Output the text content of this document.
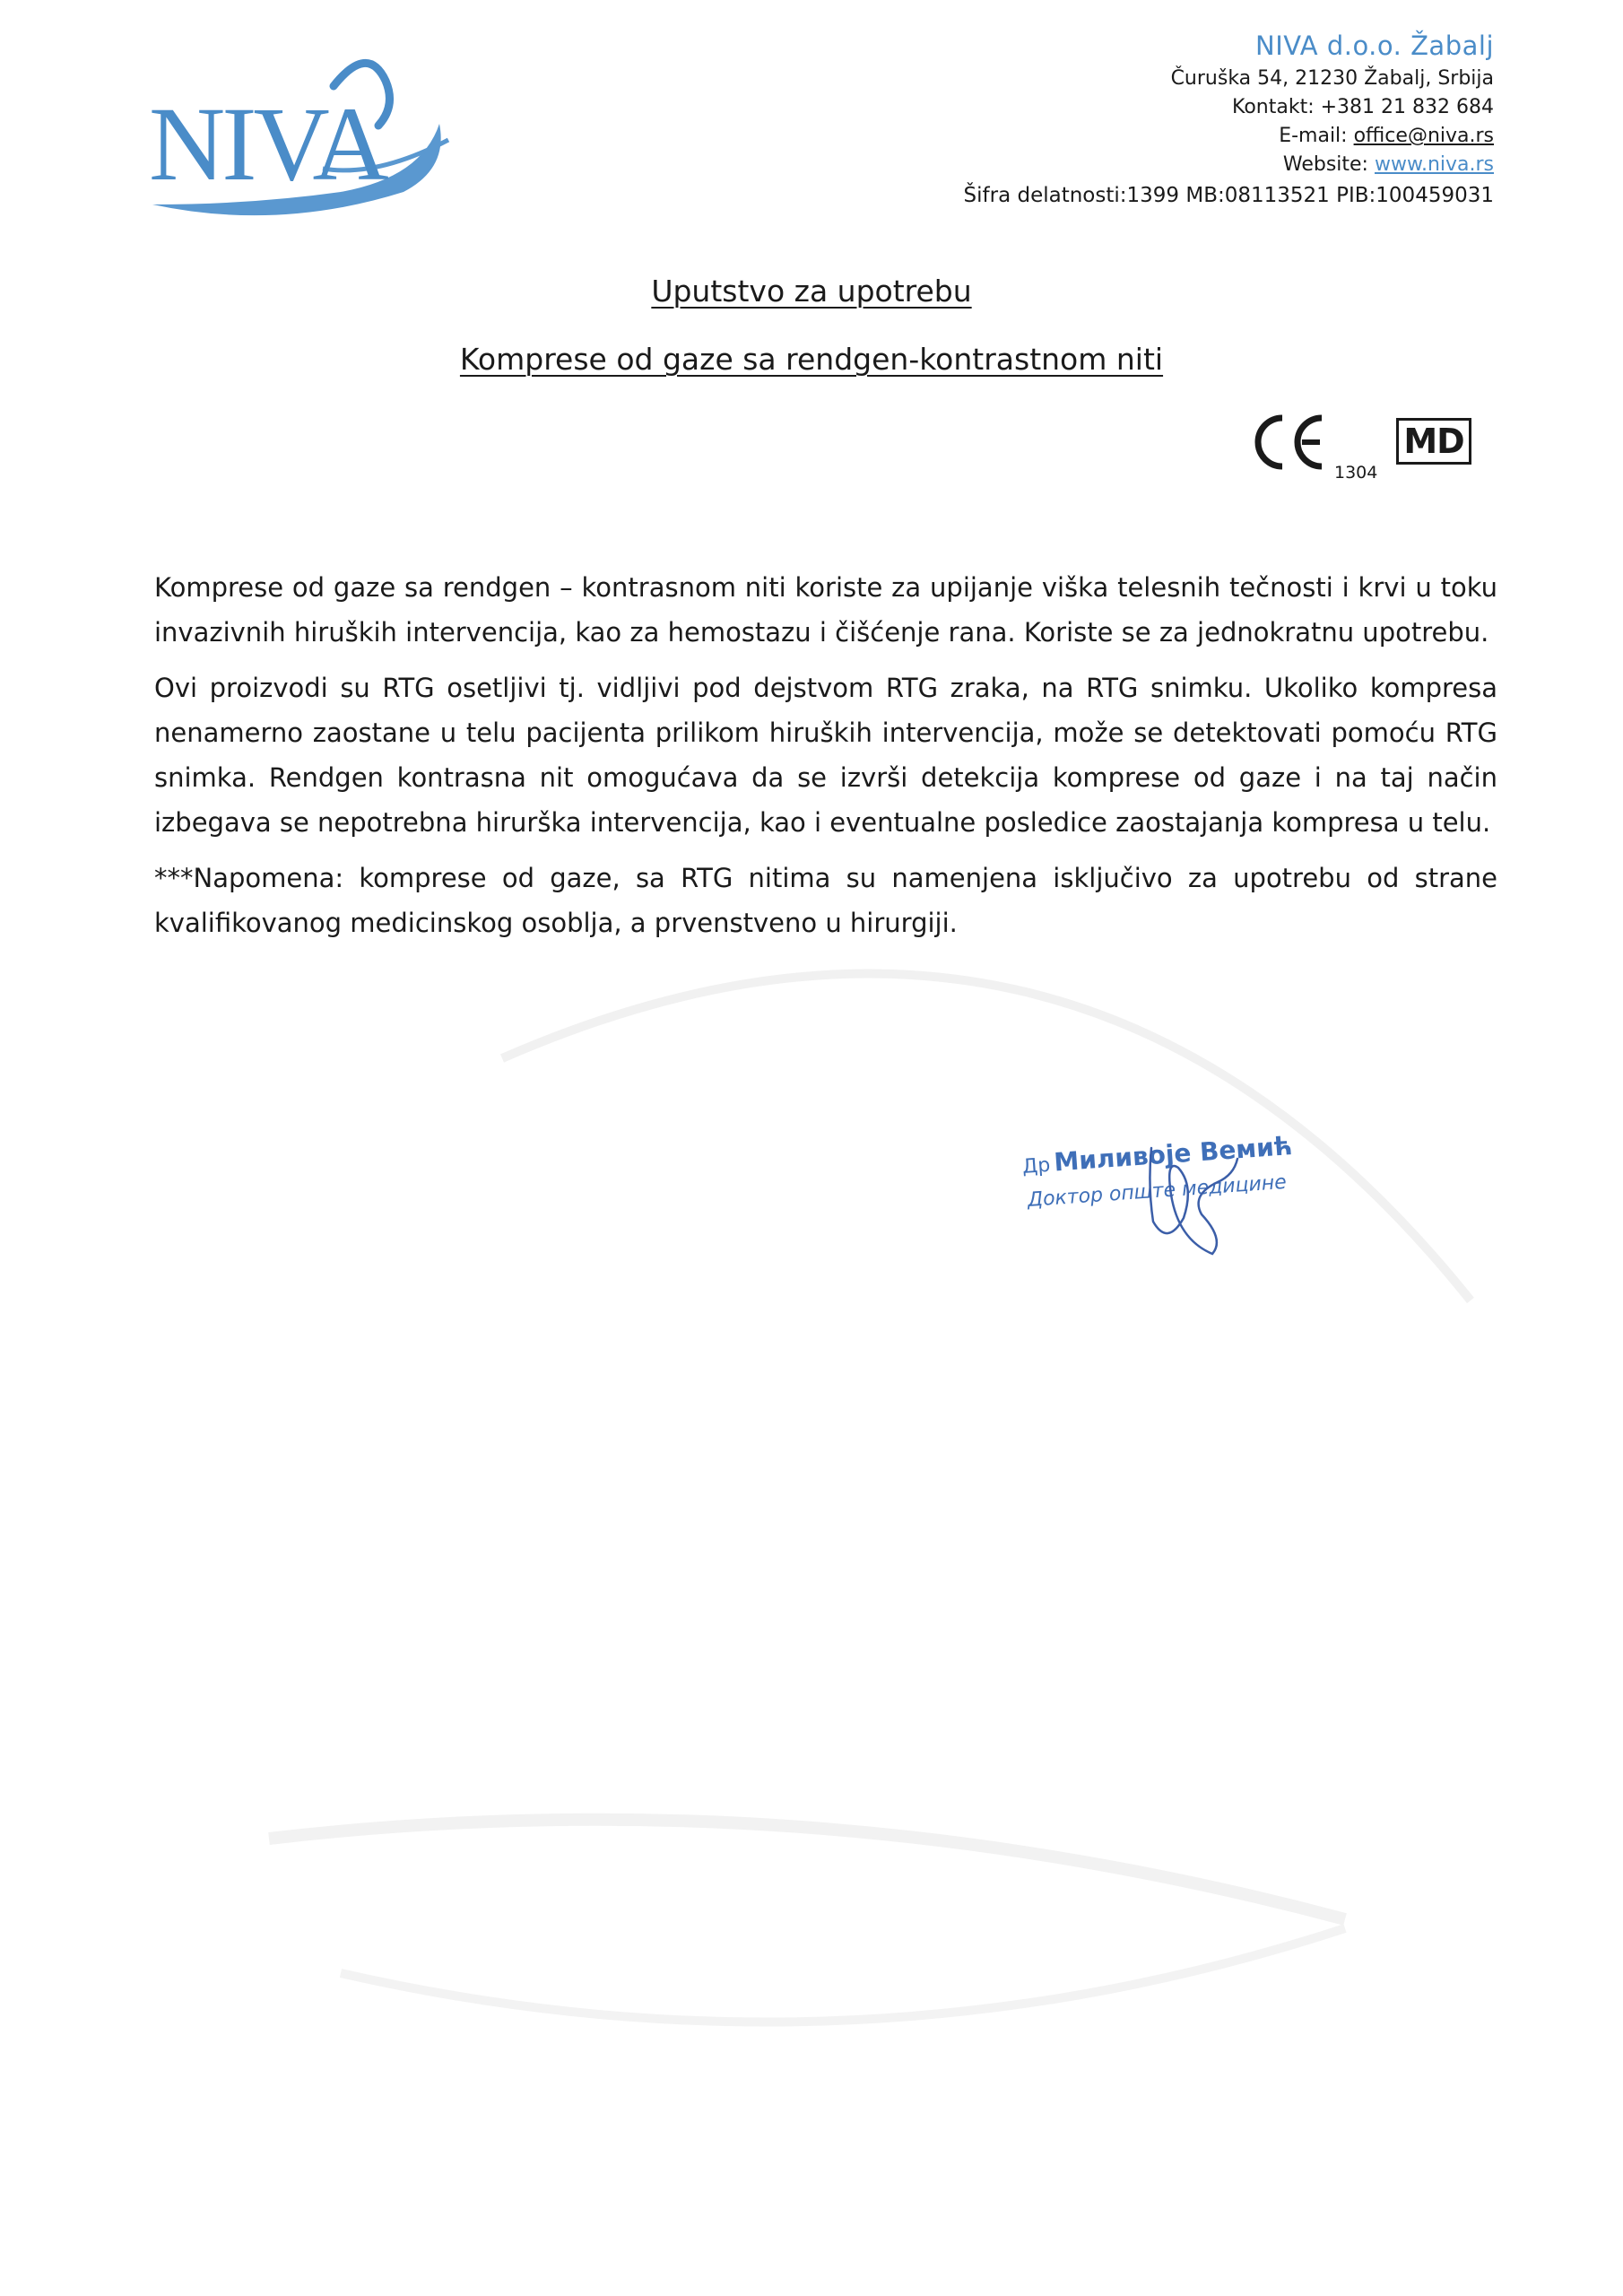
NIVA
NIVA d.o.o. Žabalj
Čuruška 54, 21230 Žabalj, Srbija
Kontakt: +381 21 832 684
E-mail: office@niva.rs
Website: www.niva.rs
Šifra delatnosti:1399 MB:08113521 PIB:100459031
Uputstvo za upotrebu
Komprese od gaze sa rendgen-kontrastnom niti
1304
MD

Komprese od gaze sa rendgen – kontrasnom niti koriste za upijanje viška telesnih tečnosti i krvi u toku invazivnih hiruških intervencija, kao za hemostazu i čišćenje rana. Koriste se za jednokratnu upotrebu.

Ovi proizvodi su RTG osetljivi tj. vidljivi pod dejstvom RTG zraka, na RTG snimku. Ukoliko kompresa nenamerno zaostane u telu pacijenta prilikom hiruških intervencija, može se detektovati pomoću RTG snimka. Rendgen kontrasna nit omogućava da se izvrši detekcija komprese od gaze i na taj način izbegava se nepotrebna hirurška intervencija, kao i eventualne posledice zaostajanja kompresa u telu.

***Napomena: komprese od gaze, sa RTG nitima su namenjena isključivo za upotrebu od strane kvalifikovanog medicinskog osoblja, a prvenstveno u hirurgiji.

Др Миливоје Вемић
Доктор опште медицине
